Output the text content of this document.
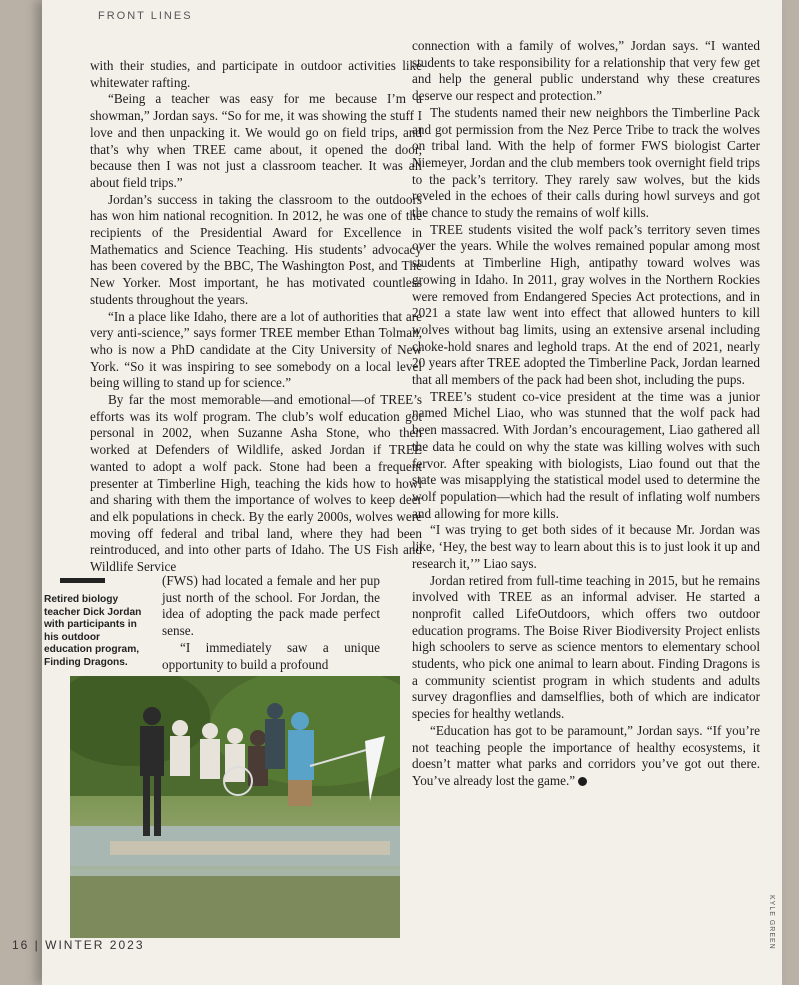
FRONT LINES

with their studies, and participate in outdoor activities like whitewater rafting.

“Being a teacher was easy for me because I’m a showman,” Jordan says. “So for me, it was showing the stuff I love and then unpacking it. We would go on field trips, and that’s why when TREE came about, it opened the door, because then I was not just a classroom teacher. It was all about field trips.”

Jordan’s success in taking the classroom to the outdoors has won him national recognition. In 2012, he was one of the recipients of the Presidential Award for Excellence in Mathematics and Science Teaching. His students’ advocacy has been covered by the BBC, The Washington Post, and The New Yorker. Most important, he has motivated countless students throughout the years.

“In a place like Idaho, there are a lot of authorities that are very anti-science,” says former TREE member Ethan Tolman, who is now a PhD candidate at the City University of New York. “So it was inspiring to see somebody on a local level being willing to stand up for science.”

By far the most memorable—and emotional—of TREE’s efforts was its wolf program. The club’s wolf education got personal in 2002, when Suzanne Asha Stone, who then worked at Defenders of Wildlife, asked Jordan if TREE wanted to adopt a wolf pack. Stone had been a frequent presenter at Timberline High, teaching the kids how to howl and sharing with them the importance of wolves to keep deer and elk populations in check. By the early 2000s, wolves were moving off federal and tribal land, where they had been reintroduced, and into other parts of Idaho. The US Fish and Wildlife Service

Retired biology teacher Dick Jordan with participants in his outdoor education program, Finding Dragons.

(FWS) had located a female and her pup just north of the school. For Jordan, the idea of adopting the pack made perfect sense.

“I immediately saw a unique opportunity to build a profound

connection with a family of wolves,” Jordan says. “I wanted students to take responsibility for a relationship that very few get and help the general public understand why these creatures deserve our respect and protection.”

The students named their new neighbors the Timberline Pack and got permission from the Nez Perce Tribe to track the wolves on tribal land. With the help of former FWS biologist Carter Niemeyer, Jordan and the club members took overnight field trips to the pack’s territory. They rarely saw wolves, but the kids reveled in the echoes of their calls during howl surveys and got the chance to study the remains of wolf kills.

TREE students visited the wolf pack’s territory seven times over the years. While the wolves remained popular among most students at Timberline High, antipathy toward wolves was growing in Idaho. In 2011, gray wolves in the Northern Rockies were removed from Endangered Species Act protections, and in 2021 a state law went into effect that allowed hunters to kill wolves without bag limits, using an extensive arsenal including choke-hold snares and leghold traps. At the end of 2021, nearly 20 years after TREE adopted the Timberline Pack, Jordan learned that all members of the pack had been shot, including the pups.

TREE’s student co-vice president at the time was a junior named Michel Liao, who was stunned that the wolf pack had been massacred. With Jordan’s encouragement, Liao gathered all the data he could on why the state was killing wolves with such fervor. After speaking with biologists, Liao found out that the state was misapplying the statistical model used to determine the wolf population—which had the result of inflating wolf numbers and allowing for more kills.

“I was trying to get both sides of it because Mr. Jordan was like, ‘Hey, the best way to learn about this is to just look it up and research it,’” Liao says.

Jordan retired from full-time teaching in 2015, but he remains involved with TREE as an informal adviser. He started a nonprofit called LifeOutdoors, which offers two outdoor education programs. The Boise River Biodiversity Project enlists high schoolers to serve as science mentors to elementary school students, who pick one animal to learn about. Finding Dragons is a community scientist program in which students and adults survey dragonflies and damselflies, both of which are indicator species for healthy wetlands.

“Education has got to be paramount,” Jordan says. “If you’re not teaching people the importance of healthy ecosystems, it doesn’t matter what parks and corridors you’ve got out there. You’ve already lost the game.”

KYLE GREEN
16 | WINTER 2023
